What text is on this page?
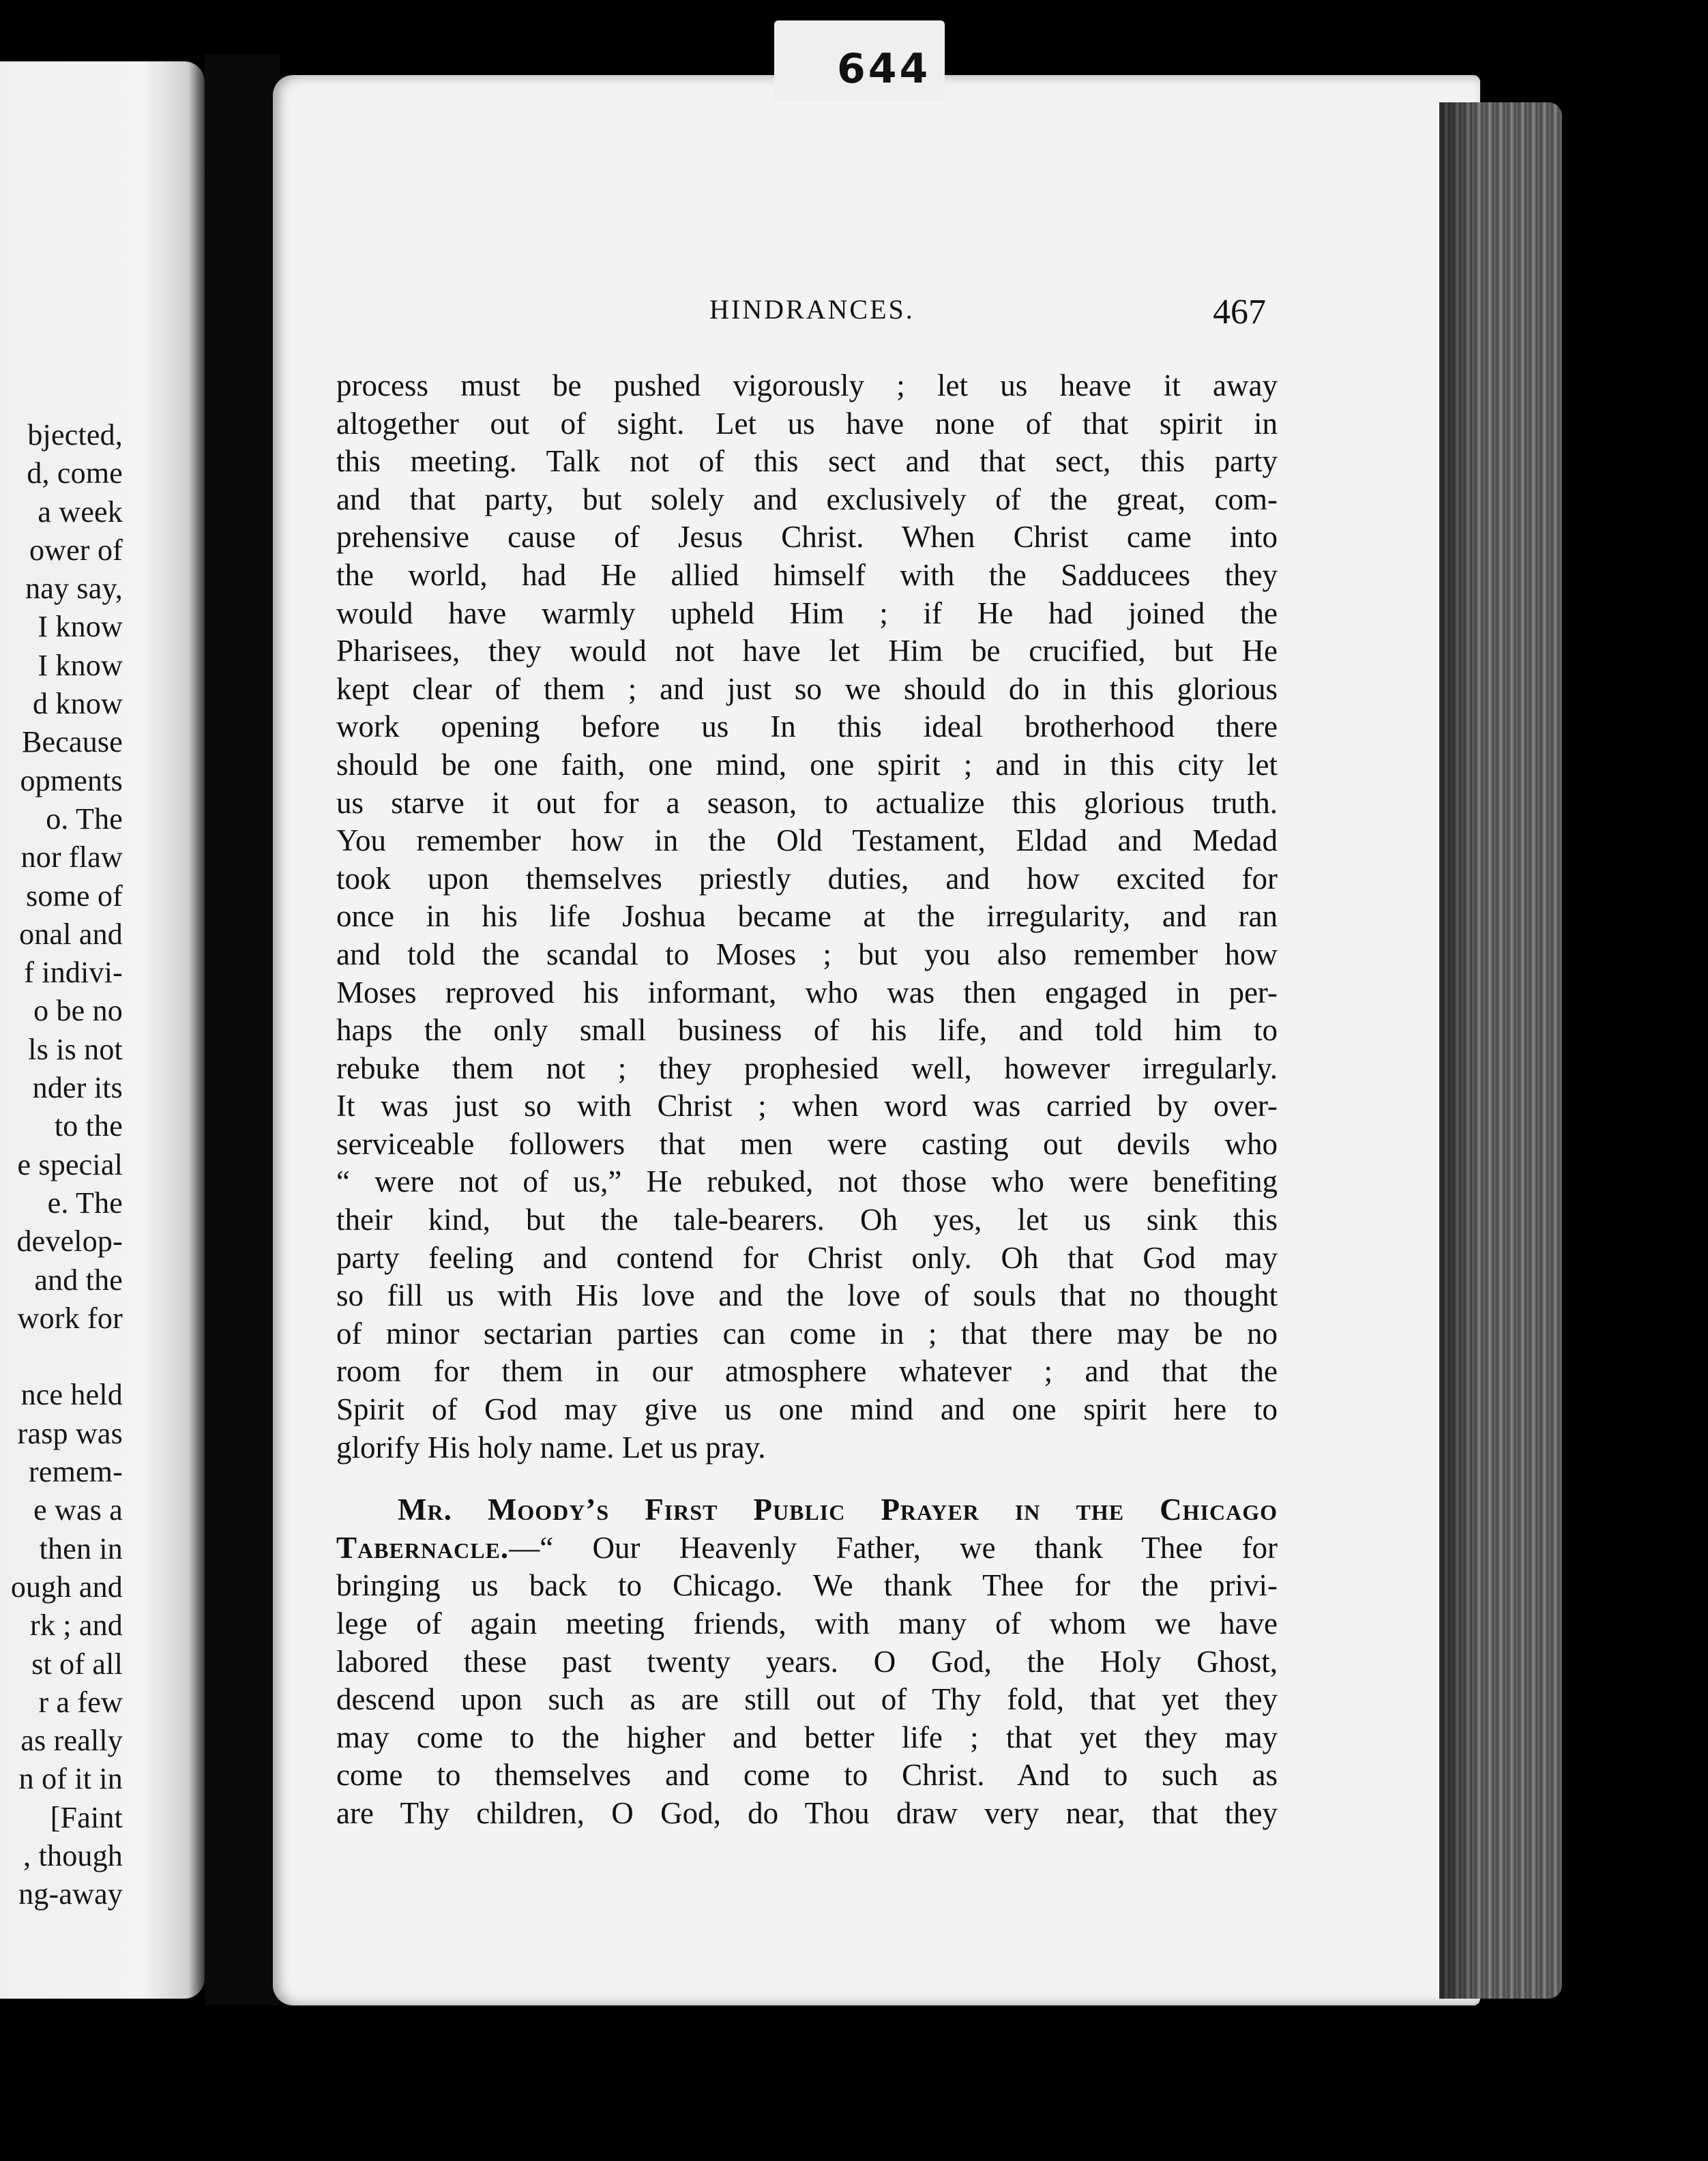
bjected,
d, come
a week
ower of
nay say,
I know
I know
d know
Because
opments
o. The
nor flaw
some of
onal and
f indivi-
o be no
ls is not
nder its
to the
e special
e. The
develop-
and the
work for

nce held
rasp was
remem-
e was a
then in
ough and
rk ; and
st of all
r a few
as really
n of it in
[Faint
, though
ng-away
644
HINDRANCES.	467
process must be pushed vigorously ; let us heave it away
altogether out of sight. Let us have none of that spirit in
this meeting. Talk not of this sect and that sect, this party
and that party, but solely and exclusively of the great, com-
prehensive cause of Jesus Christ. When Christ came into
the world, had He allied himself with the Sadducees they
would have warmly upheld Him ; if He had joined the
Pharisees, they would not have let Him be crucified, but He
kept clear of them ; and just so we should do in this glorious
work opening before us In this ideal brotherhood there
should be one faith, one mind, one spirit ; and in this city let
us starve it out for a season, to actualize this glorious truth.
You remember how in the Old Testament, Eldad and Medad
took upon themselves priestly duties, and how excited for
once in his life Joshua became at the irregularity, and ran
and told the scandal to Moses ; but you also remember how
Moses reproved his informant, who was then engaged in per-
haps the only small business of his life, and told him to
rebuke them not ; they prophesied well, however irregularly.
It was just so with Christ ; when word was carried by over-
serviceable followers that men were casting out devils who
“ were not of us,” He rebuked, not those who were benefiting
their kind, but the tale-bearers. Oh yes, let us sink this
party feeling and contend for Christ only. Oh that God may
so fill us with His love and the love of souls that no thought
of minor sectarian parties can come in ; that there may be no
room for them in our atmosphere whatever ; and that the
Spirit of God may give us one mind and one spirit here to
glorify His holy name. Let us pray.
Mr. Moody’s First Public Prayer in the Chicago
Tabernacle.—“ Our Heavenly Father, we thank Thee for
bringing us back to Chicago. We thank Thee for the privi-
lege of again meeting friends, with many of whom we have
labored these past twenty years. O God, the Holy Ghost,
descend upon such as are still out of Thy fold, that yet they
may come to the higher and better life ; that yet they may
come to themselves and come to Christ. And to such as
are Thy children, O God, do Thou draw very near, that they
